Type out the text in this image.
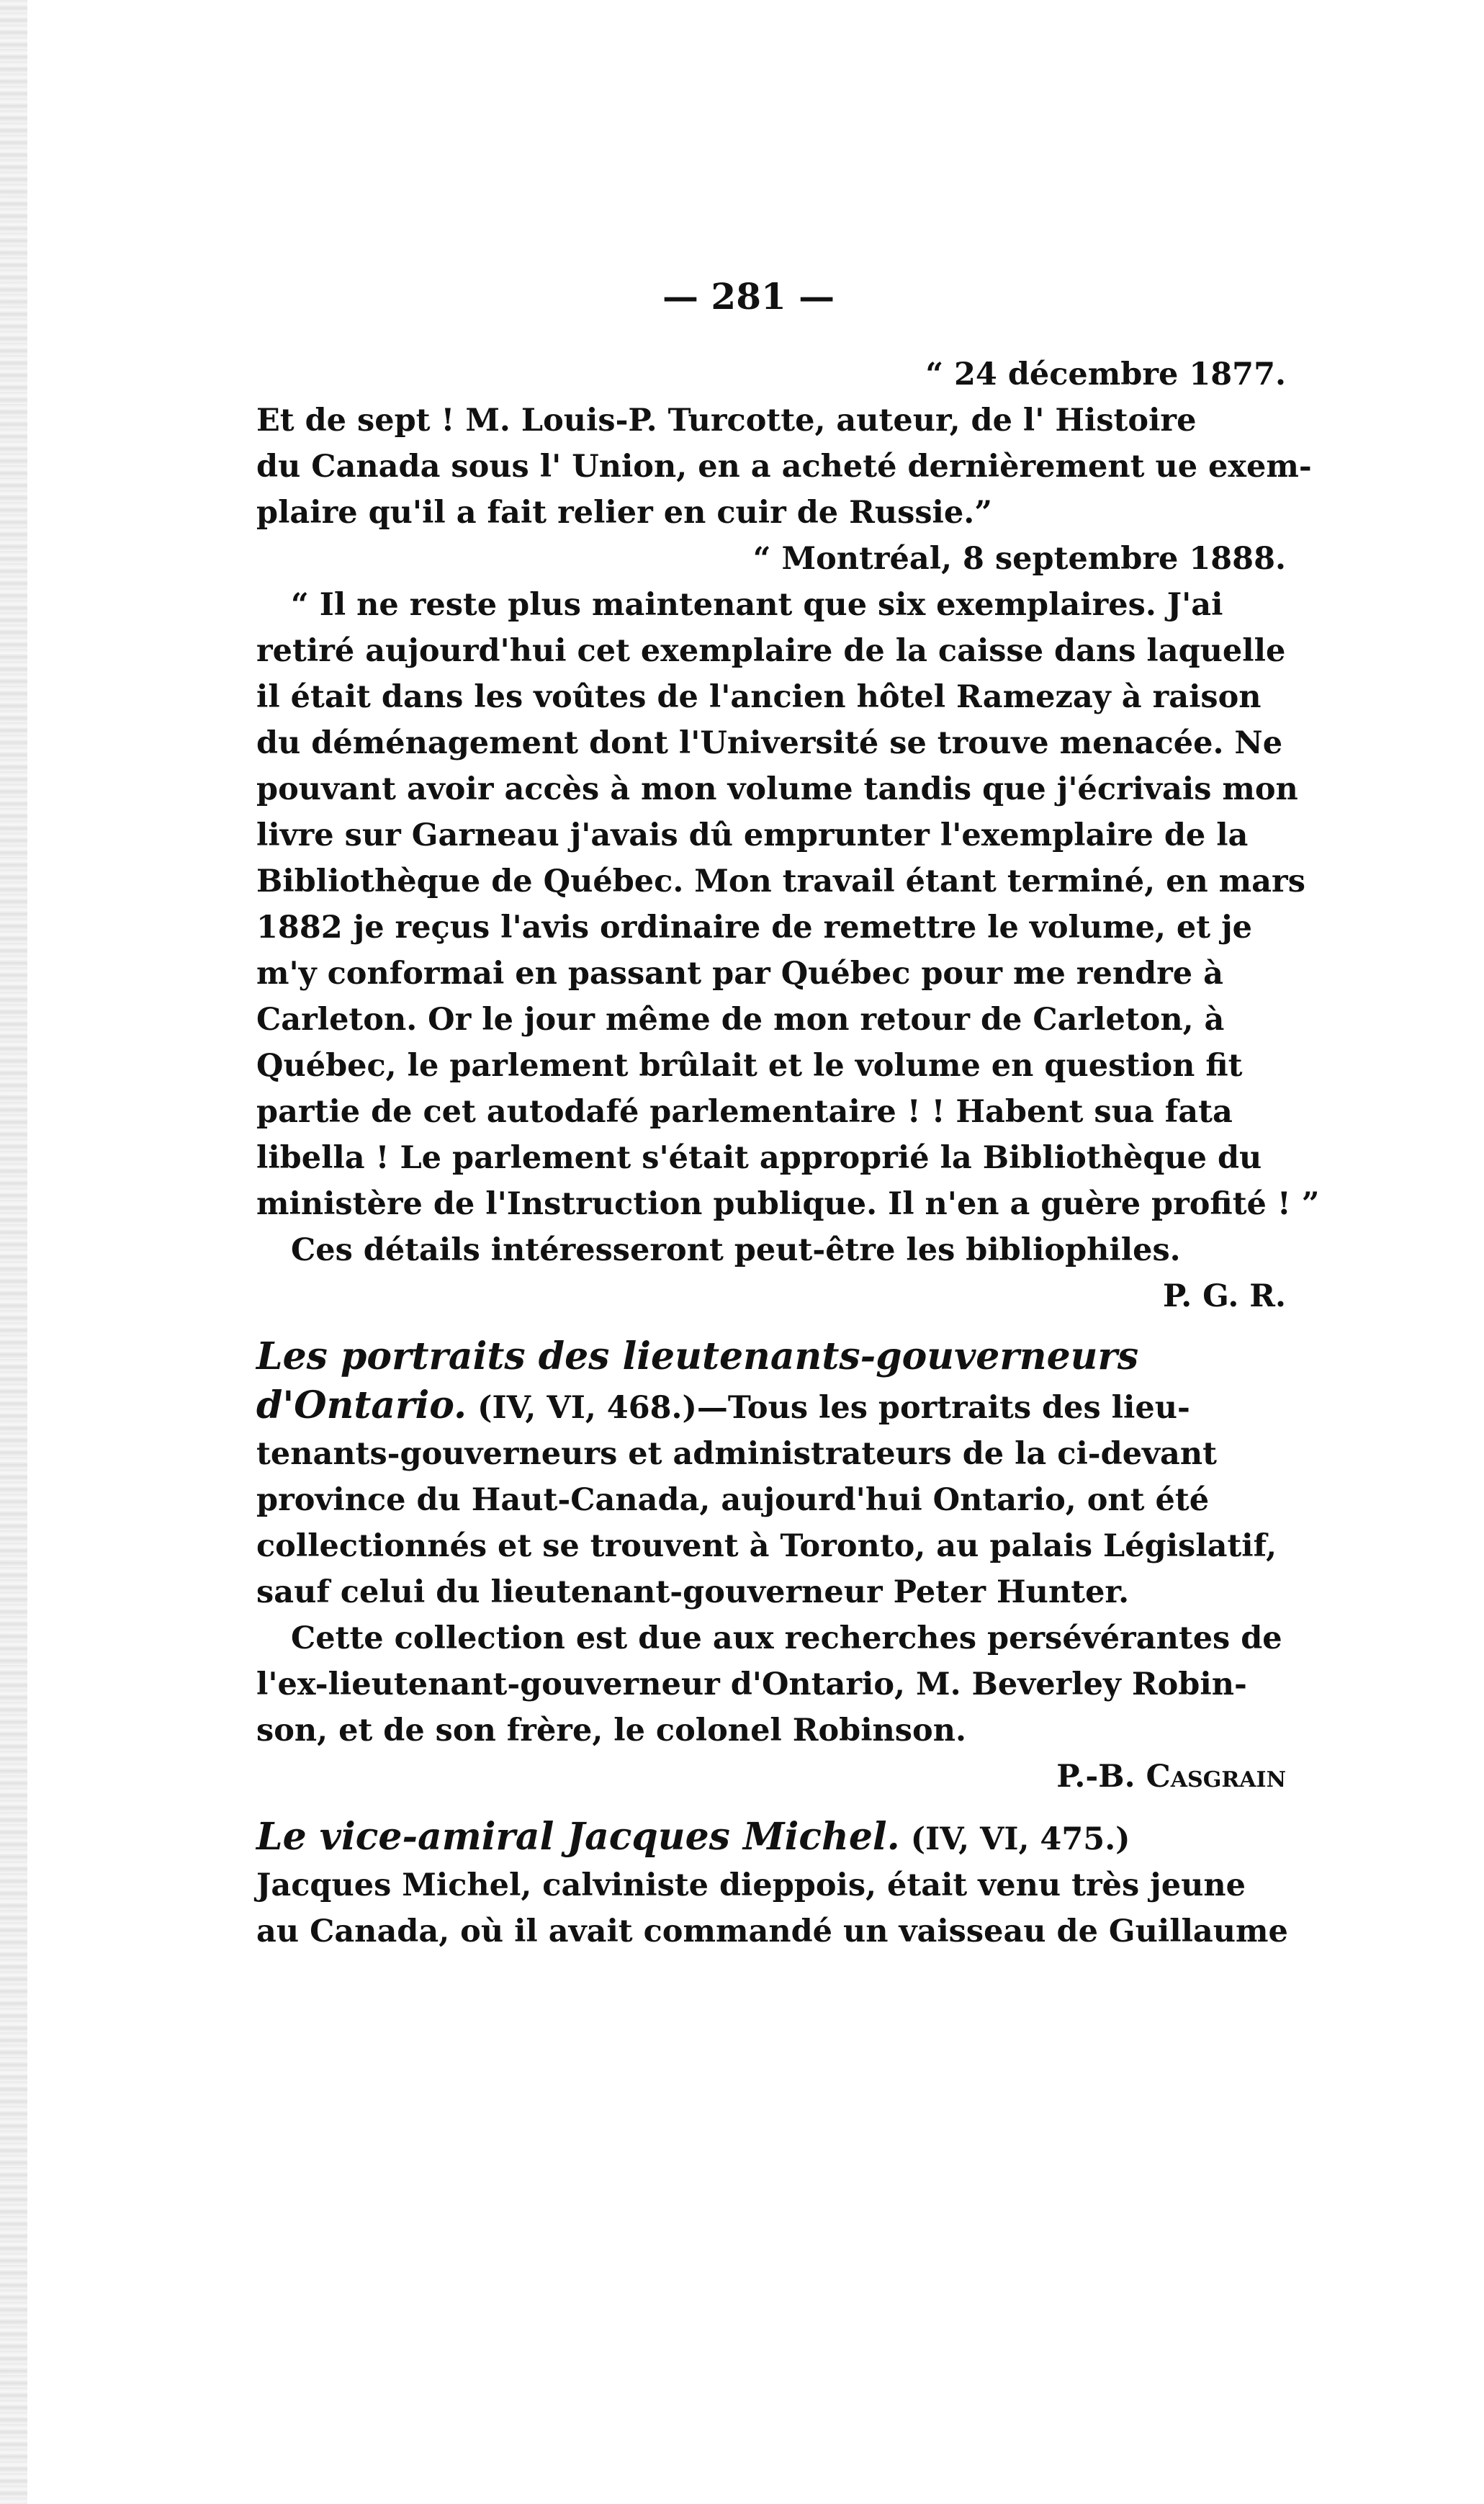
— 281 —
“ 24 décembre 1877.
Et de sept ! M. Louis-P. Turcotte, auteur, de l' Histoire
du Canada sous l' Union, en a acheté dernièrement ue exem-
plaire qu'il a fait relier en cuir de Russie.”
“ Montréal, 8 septembre 1888.
“ Il ne reste plus maintenant que six exemplaires. J'ai
retiré aujourd'hui cet exemplaire de la caisse dans laquelle
il était dans les voûtes de l'ancien hôtel Ramezay à raison
du déménagement dont l'Université se trouve menacée. Ne
pouvant avoir accès à mon volume tandis que j'écrivais mon
livre sur Garneau j'avais dû emprunter l'exemplaire de la
Bibliothèque de Québec. Mon travail étant terminé, en mars
1882 je reçus l'avis ordinaire de remettre le volume, et je
m'y conformai en passant par Québec pour me rendre à
Carleton. Or le jour même de mon retour de Carleton, à
Québec, le parlement brûlait et le volume en question fit
partie de cet autodafé parlementaire ! ! Habent sua fata
libella ! Le parlement s'était approprié la Bibliothèque du
ministère de l'Instruction publique. Il n'en a guère profité ! ”
Ces détails intéresseront peut-être les bibliophiles.
P. G. R.
Les portraits des lieutenants-gouverneurs
d'Ontario. (IV, VI, 468.)—Tous les portraits des lieu-
tenants-gouverneurs et administrateurs de la ci-devant
province du Haut-Canada, aujourd'hui Ontario, ont été
collectionnés et se trouvent à Toronto, au palais Législatif,
sauf celui du lieutenant-gouverneur Peter Hunter.
Cette collection est due aux recherches persévérantes de
l'ex-lieutenant-gouverneur d'Ontario, M. Beverley Robin-
son, et de son frère, le colonel Robinson.
P.-B. Casgrain
Le vice-amiral Jacques Michel. (IV, VI, 475.)
Jacques Michel, calviniste dieppois, était venu très jeune
au Canada, où il avait commandé un vaisseau de Guillaume
